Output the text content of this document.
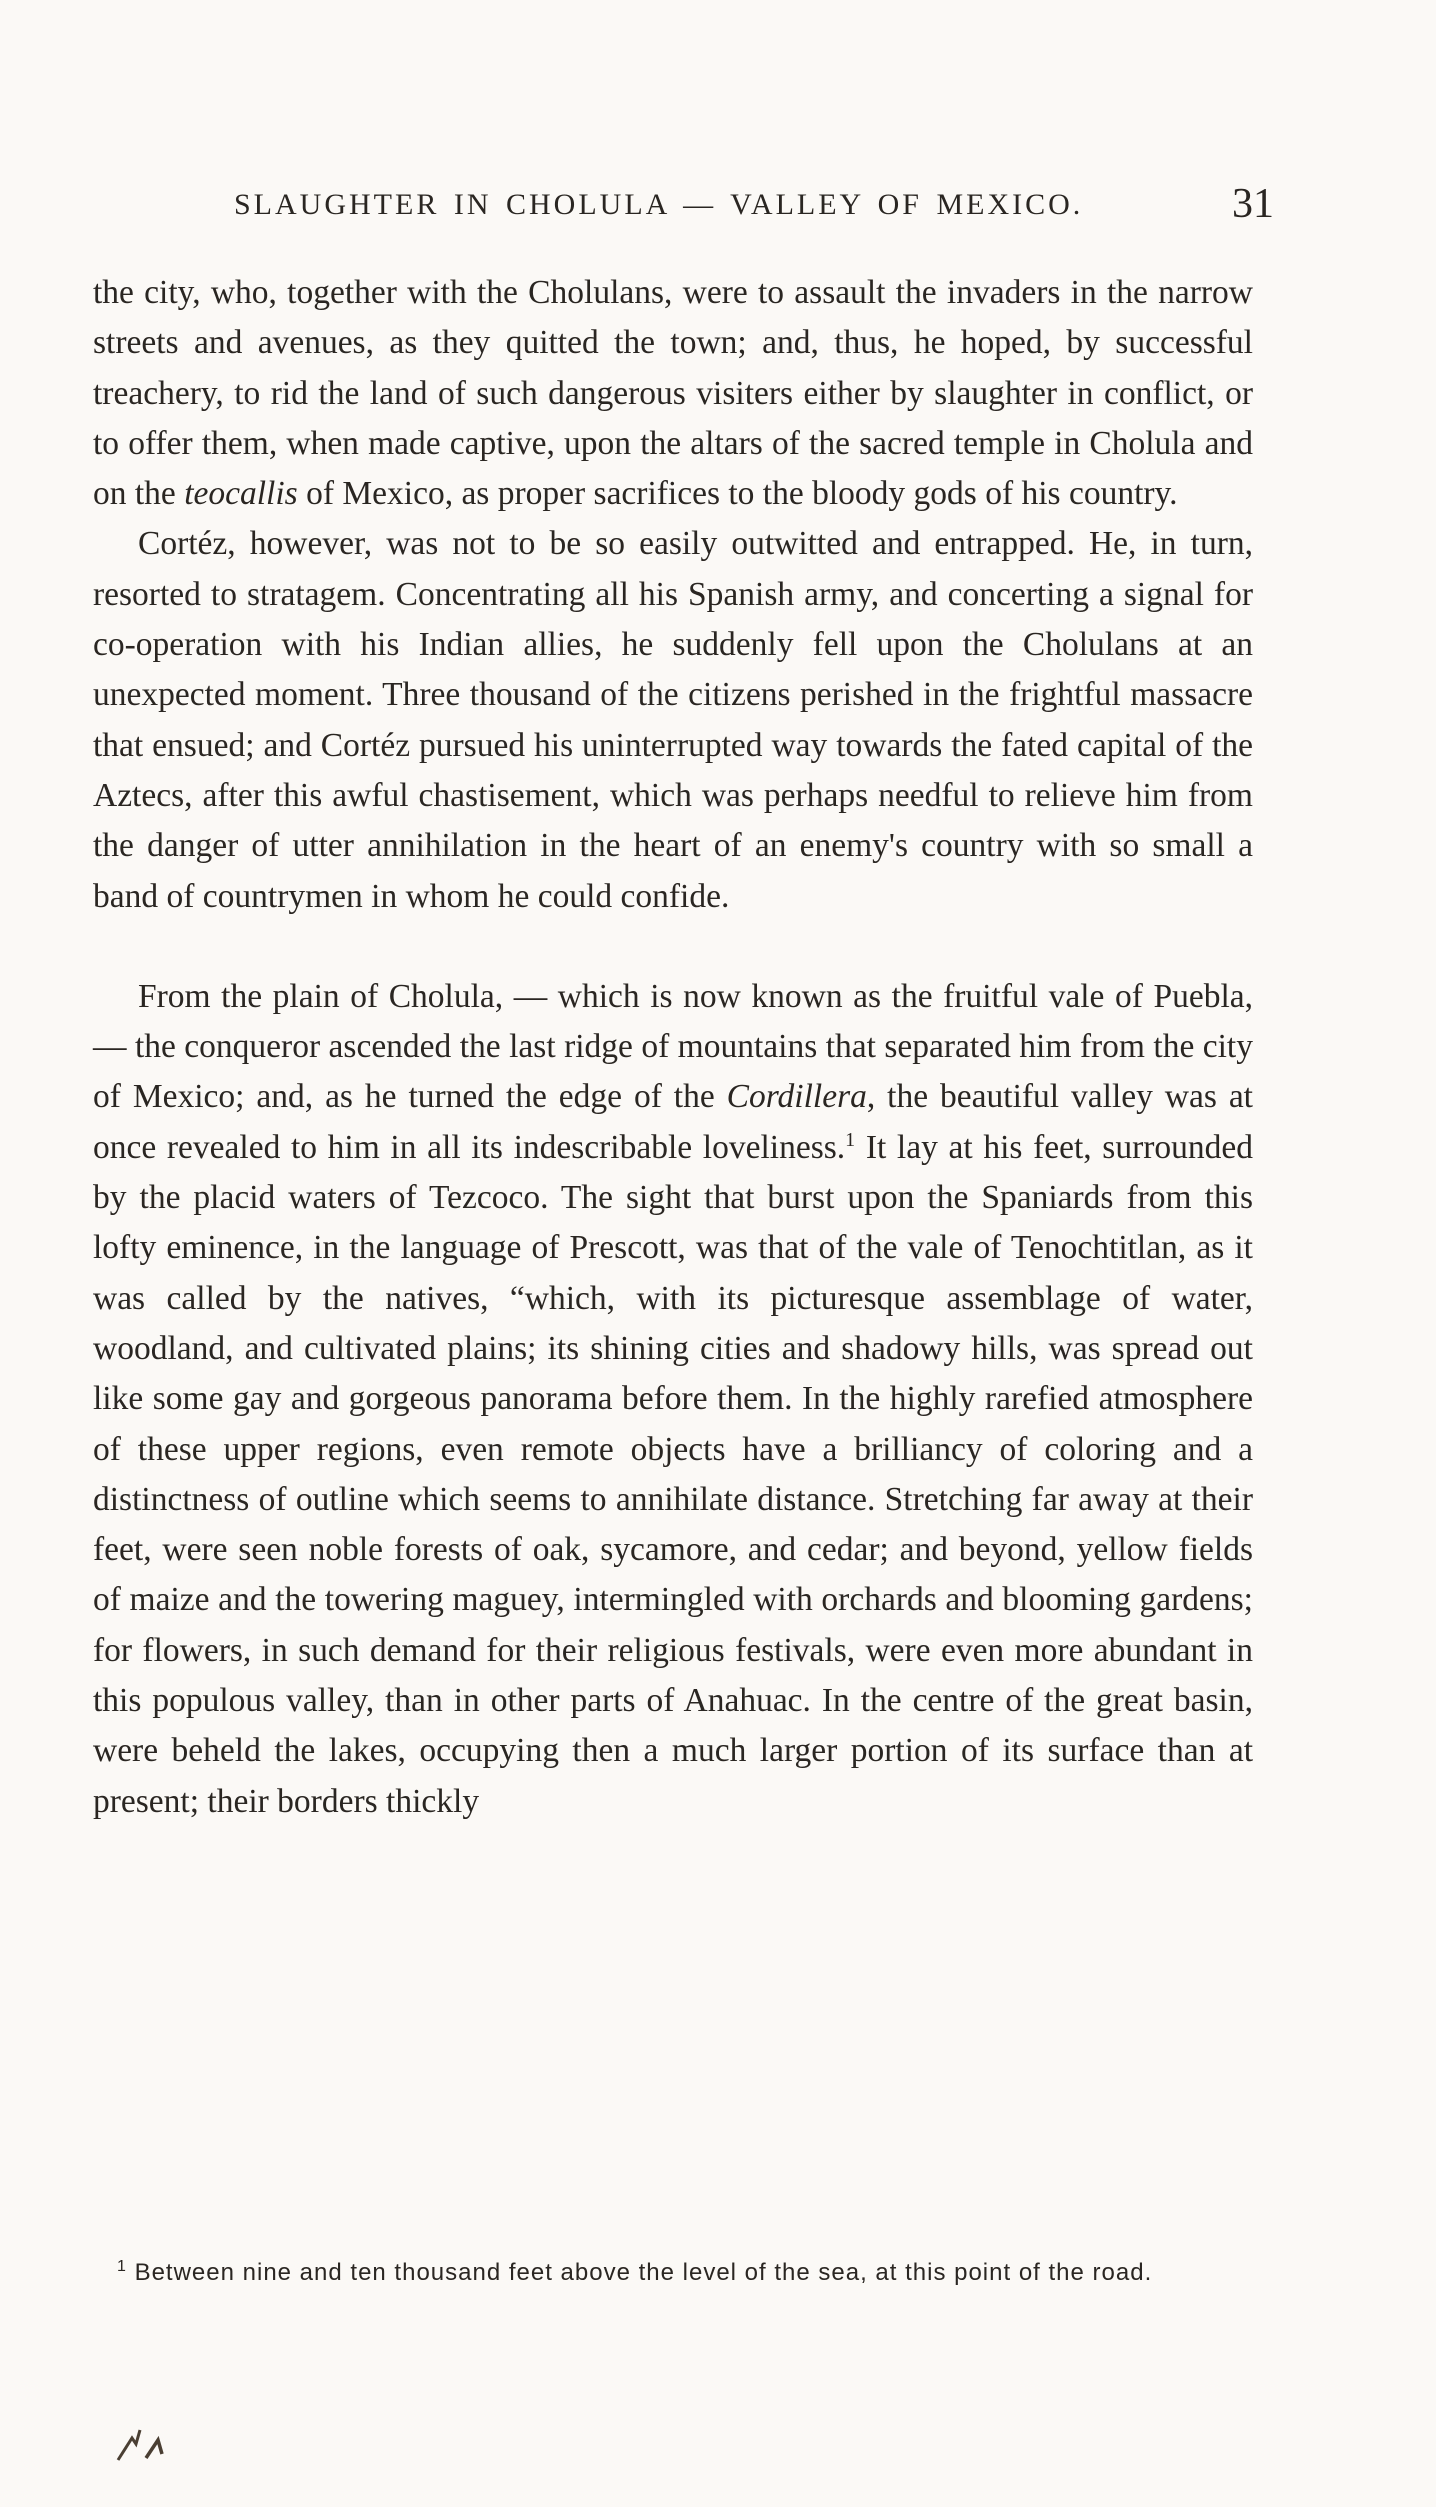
SLAUGHTER IN CHOLULA — VALLEY OF MEXICO.	31

the city, who, together with the Cholulans, were to assault the invaders in the narrow streets and avenues, as they quitted the town; and, thus, he hoped, by successful treachery, to rid the land of such dangerous visiters either by slaughter in conflict, or to offer them, when made captive, upon the altars of the sacred temple in Cholula and on the teocallis of Mexico, as proper sacrifices to the bloody gods of his country.

Cortéz, however, was not to be so easily outwitted and entrapped. He, in turn, resorted to stratagem. Concentrating all his Spanish army, and concerting a signal for co-operation with his Indian allies, he suddenly fell upon the Cholulans at an unexpected moment. Three thousand of the citizens perished in the frightful massacre that ensued; and Cortéz pursued his uninterrupted way towards the fated capital of the Aztecs, after this awful chastisement, which was perhaps needful to relieve him from the danger of utter annihilation in the heart of an enemy's country with so small a band of countrymen in whom he could confide.

From the plain of Cholula, — which is now known as the fruitful vale of Puebla, — the conqueror ascended the last ridge of mountains that separated him from the city of Mexico; and, as he turned the edge of the Cordillera, the beautiful valley was at once revealed to him in all its indescribable loveliness.$^1$ It lay at his feet, surrounded by the placid waters of Tezcoco. The sight that burst upon the Spaniards from this lofty eminence, in the language of Prescott, was that of the vale of Tenochtitlan, as it was called by the natives, “which, with its picturesque assemblage of water, woodland, and cultivated plains; its shining cities and shadowy hills, was spread out like some gay and gorgeous panorama before them. In the highly rarefied atmosphere of these upper regions, even remote objects have a brilliancy of coloring and a distinctness of outline which seems to annihilate distance. Stretching far away at their feet, were seen noble forests of oak, sycamore, and cedar; and beyond, yellow fields of maize and the towering maguey, intermingled with orchards and blooming gardens; for flowers, in such demand for their religious festivals, were even more abundant in this populous valley, than in other parts of Anahuac. In the centre of the great basin, were beheld the lakes, occupying then a much larger portion of its surface than at present; their borders thickly

$^1$ Between nine and ten thousand feet above the level of the sea, at this point of the road.
